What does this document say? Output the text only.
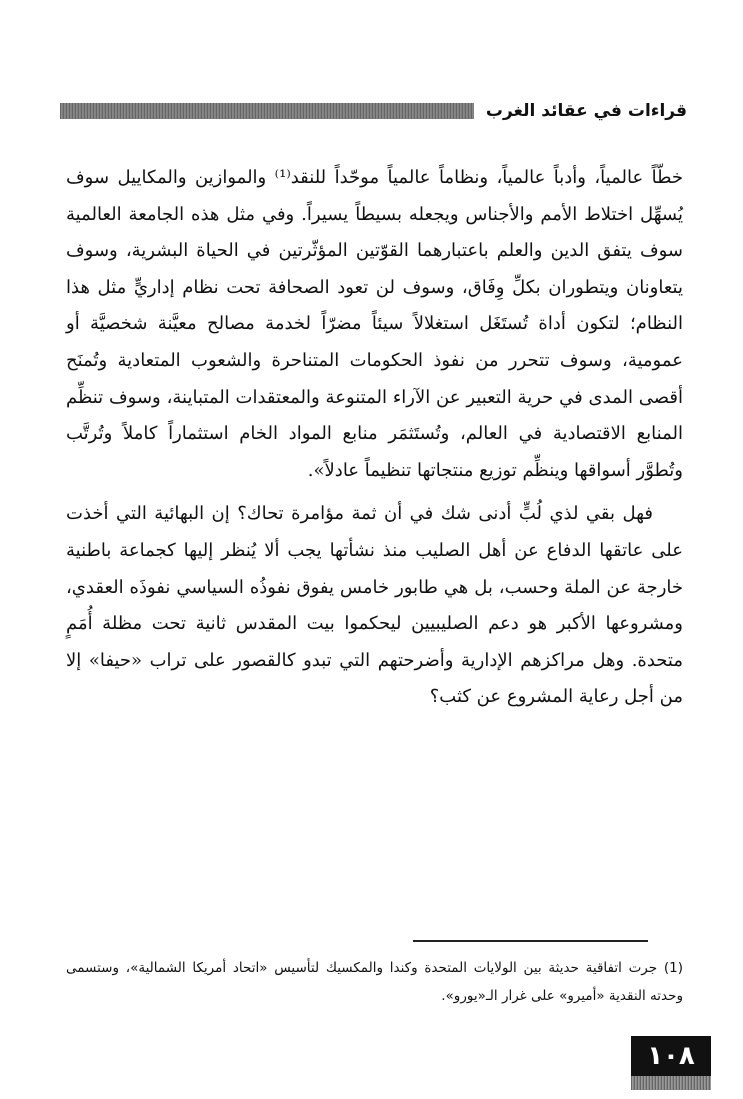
قراءات في عقائد الغرب

خطّاً عالمياً، وأدباً عالمياً، ونظاماً عالمياً موحّداً للنقد⁽¹⁾ والموازين والمكاييل سوف يُسهِّل اختلاط الأمم والأجناس ويجعله بسيطاً يسيراً. وفي مثل هذه الجامعة العالمية سوف يتفق الدين والعلم باعتبارهما القوّتين المؤثّرتين في الحياة البشرية، وسوف يتعاونان ويتطوران بكلِّ وِفَاق، وسوف لن تعود الصحافة تحت نظام إداريٍّ مثل هذا النظام؛ لتكون أداة تُستَغَل استغلالاً سيئاً مضرّاً لخدمة مصالح معيَّنة شخصيَّة أو عمومية، وسوف تتحرر من نفوذ الحكومات المتناحرة والشعوب المتعادية وتُمنَح أقصى المدى في حرية التعبير عن الآراء المتنوعة والمعتقدات المتباينة، وسوف تنظِّم المنابع الاقتصادية في العالم، وتُستَثمَر منابع المواد الخام استثماراً كاملاً وتُرتَّب وتُطوَّر أسواقها وينظِّم توزيع منتجاتها تنظيماً عادلاً».

فهل بقي لذي لُبٍّ أدنى شك في أن ثمة مؤامرة تحاك؟ إن البهائية التي أخذت على عاتقها الدفاع عن أهل الصليب منذ نشأتها يجب ألا يُنظر إليها كجماعة باطنية خارجة عن الملة وحسب، بل هي طابور خامس يفوق نفوذُه السياسي نفوذَه العقدي، ومشروعها الأكبر هو دعم الصليبيين ليحكموا بيت المقدس ثانية تحت مظلة أُمَمٍ متحدة. وهل مراكزهم الإدارية وأضرحتهم التي تبدو كالقصور على تراب «حيفا» إلا من أجل رعاية المشروع عن كثب؟

(1) جرت اتفاقية حديثة بين الولايات المتحدة وكندا والمكسيك لتأسيس «اتحاد أمريكا الشمالية»، وستسمى وحدته النقدية «أميرو» على غرار الـ«يورو».
١٠٨
